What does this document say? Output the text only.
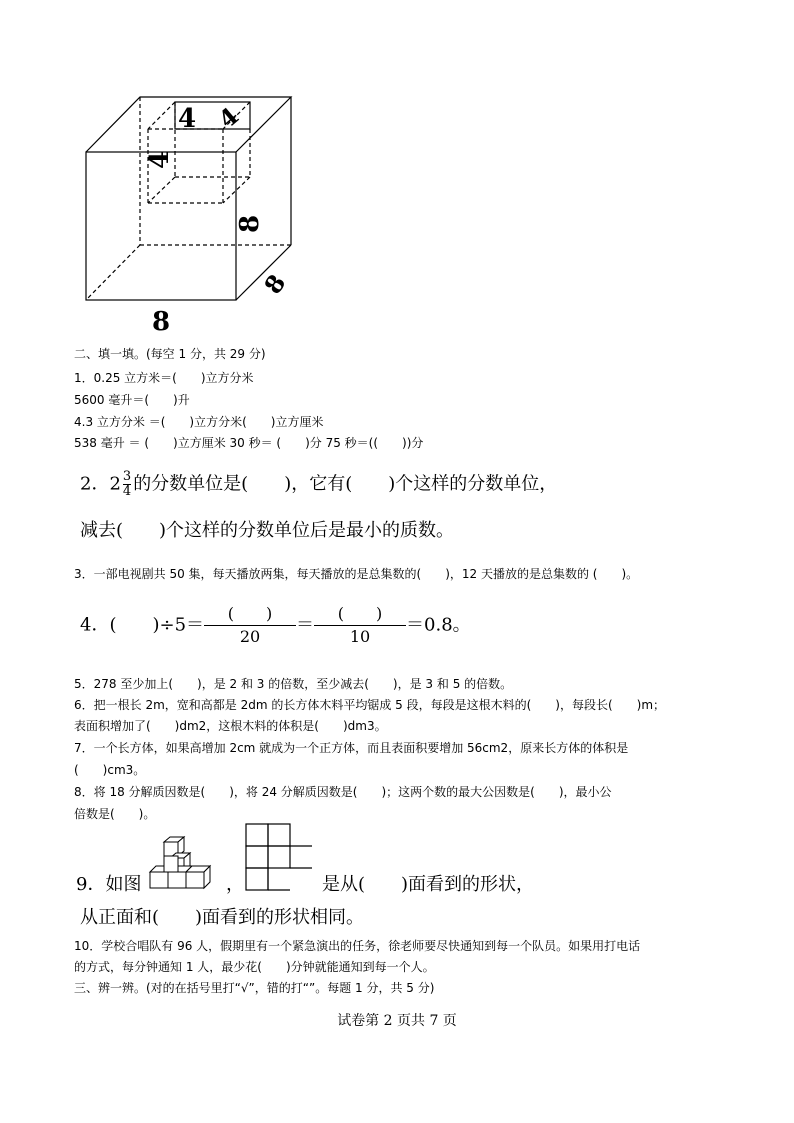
4 4
4
8
8
8
二、填一填。(每空 1 分，共 29 分)
1．0.25 立方米＝(　　)立方分米
5600 毫升＝(　　)升
4.3 立方分米 ＝(　　)立方分米(　　)立方厘米
538 毫升 ＝ (　　)立方厘米 30 秒＝ (　　)分 75 秒＝((　　))分
2．$2 \frac{3}{4}$ 的分数单位是(　　)，它有(　　)个这样的分数单位，
减去(　　)个这样的分数单位后是最小的质数。
3．一部电视剧共 50 集，每天播放两集，每天播放的是总集数的(　　)，12 天播放的是总集数的 (　　)。
4．(　　)$\div 5= \frac{( )}{20} = \frac{( )}{10} =0.8$。
5．278 至少加上(　　)，是 2 和 3 的倍数，至少减去(　　)，是 3 和 5 的倍数。
6．把一根长 2m，宽和高都是 2dm 的长方体木料平均锯成 5 段，每段是这根木料的(　　)，每段长(　　)m；
表面积增加了(　　)dm2，这根木料的体积是(　　)dm3。
7．一个长方体，如果高增加 2cm 就成为一个正方体，而且表面积要增加 56cm2，原来长方体的体积是
(　　)cm3。
8．将 18 分解质因数是(　　)，将 24 分解质因数是(　　)；这两个数的最大公因数是(　　)，最小公
倍数是(　　)。
9．如图	，	是从(　　)面看到的形状，
从正面和(　　)面看到的形状相同。
10．学校合唱队有 96 人，假期里有一个紧急演出的任务，徐老师要尽快通知到每一个队员。如果用打电话
的方式，每分钟通知 1 人，最少花(　　)分钟就能通知到每一个人。
三、辨一辨。(对的在括号里打“√”，错的打“”。每题 1 分，共 5 分)
试卷第 2 页共 7 页
